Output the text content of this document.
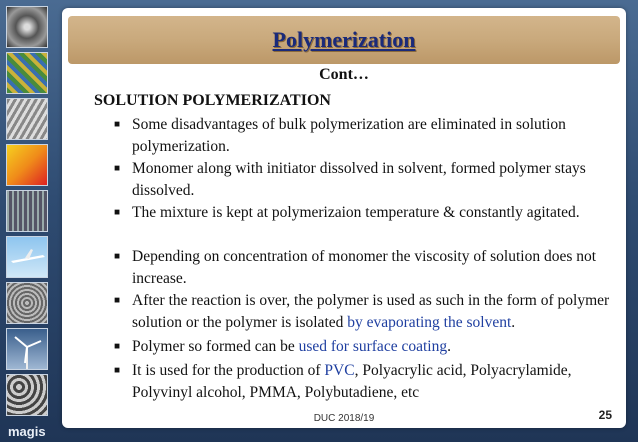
magis
Polymerization
Cont…
SOLUTION POLYMERIZATION
■ Some disadvantages of bulk polymerization are eliminated in solution polymerization.
■ Monomer along with initiator dissolved in solvent, formed polymer stays dissolved.
■ The mixture is kept at polymerizaion temperature & constantly agitated.
■ Depending on concentration of monomer the viscosity of solution does not increase.
■ After the reaction is over, the polymer is used as such in the form of polymer solution or the polymer is isolated by evaporating the solvent.
■ Polymer so formed can be used for surface coating.
■ It is used for the production of PVC, Polyacrylic acid, Polyacrylamide, Polyvinyl alcohol, PMMA, Polybutadiene, etc
DUC 2018/19	25
